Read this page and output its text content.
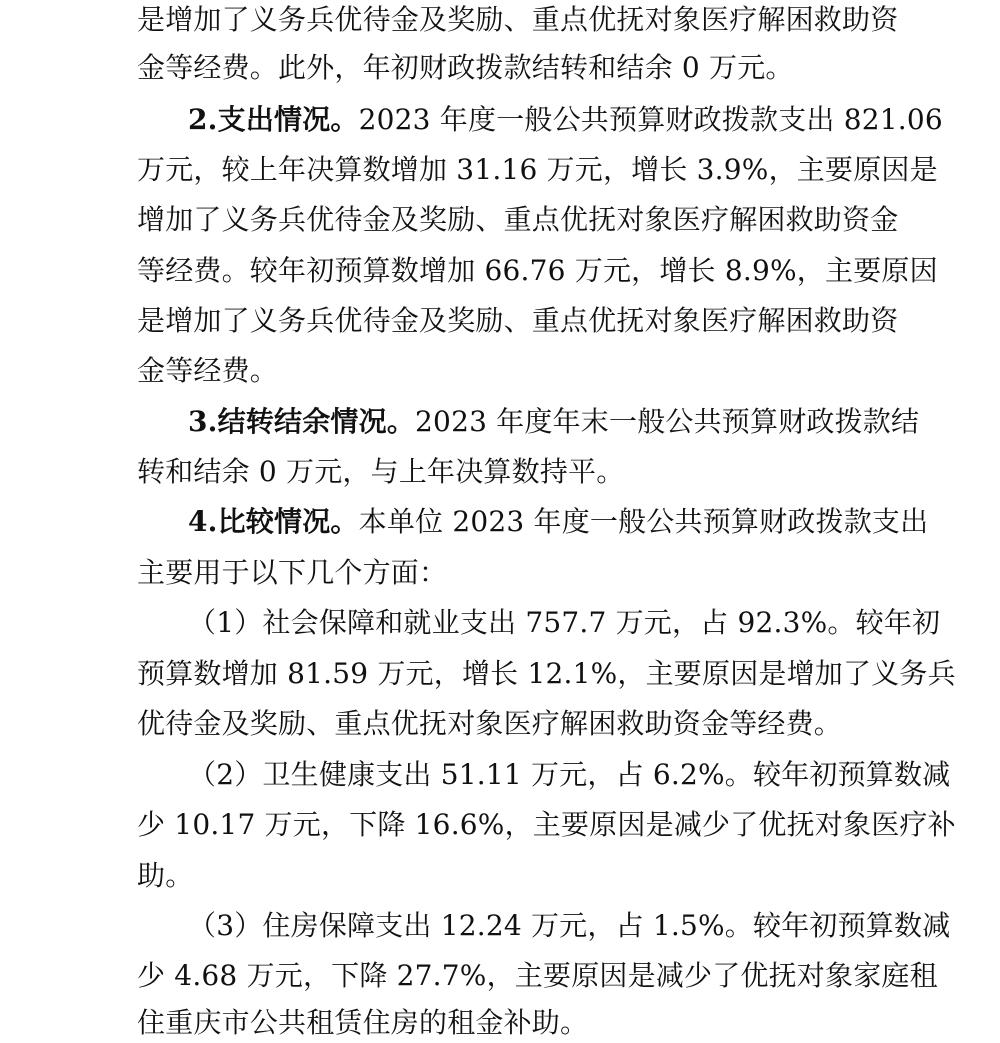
是增加了义务兵优待金及奖励、重点优抚对象医疗解困救助资
金等经费。此外，年初财政拨款结转和结余 0 万元。
2.支出情况。2023 年度一般公共预算财政拨款支出 821.06
万元，较上年决算数增加 31.16 万元，增长 3.9%，主要原因是
增加了义务兵优待金及奖励、重点优抚对象医疗解困救助资金
等经费。较年初预算数增加 66.76 万元，增长 8.9%，主要原因
是增加了义务兵优待金及奖励、重点优抚对象医疗解困救助资
金等经费。
3.结转结余情况。2023 年度年末一般公共预算财政拨款结
转和结余 0 万元，与上年决算数持平。
4.比较情况。本单位 2023 年度一般公共预算财政拨款支出
主要用于以下几个方面：
（1）社会保障和就业支出 757.7 万元，占 92.3%。较年初
预算数增加 81.59 万元，增长 12.1%，主要原因是增加了义务兵
优待金及奖励、重点优抚对象医疗解困救助资金等经费。
（2）卫生健康支出 51.11 万元，占 6.2%。较年初预算数减
少 10.17 万元，下降 16.6%，主要原因是减少了优抚对象医疗补
助。
（3）住房保障支出 12.24 万元，占 1.5%。较年初预算数减
少 4.68 万元，下降 27.7%，主要原因是减少了优抚对象家庭租
住重庆市公共租赁住房的租金补助。
